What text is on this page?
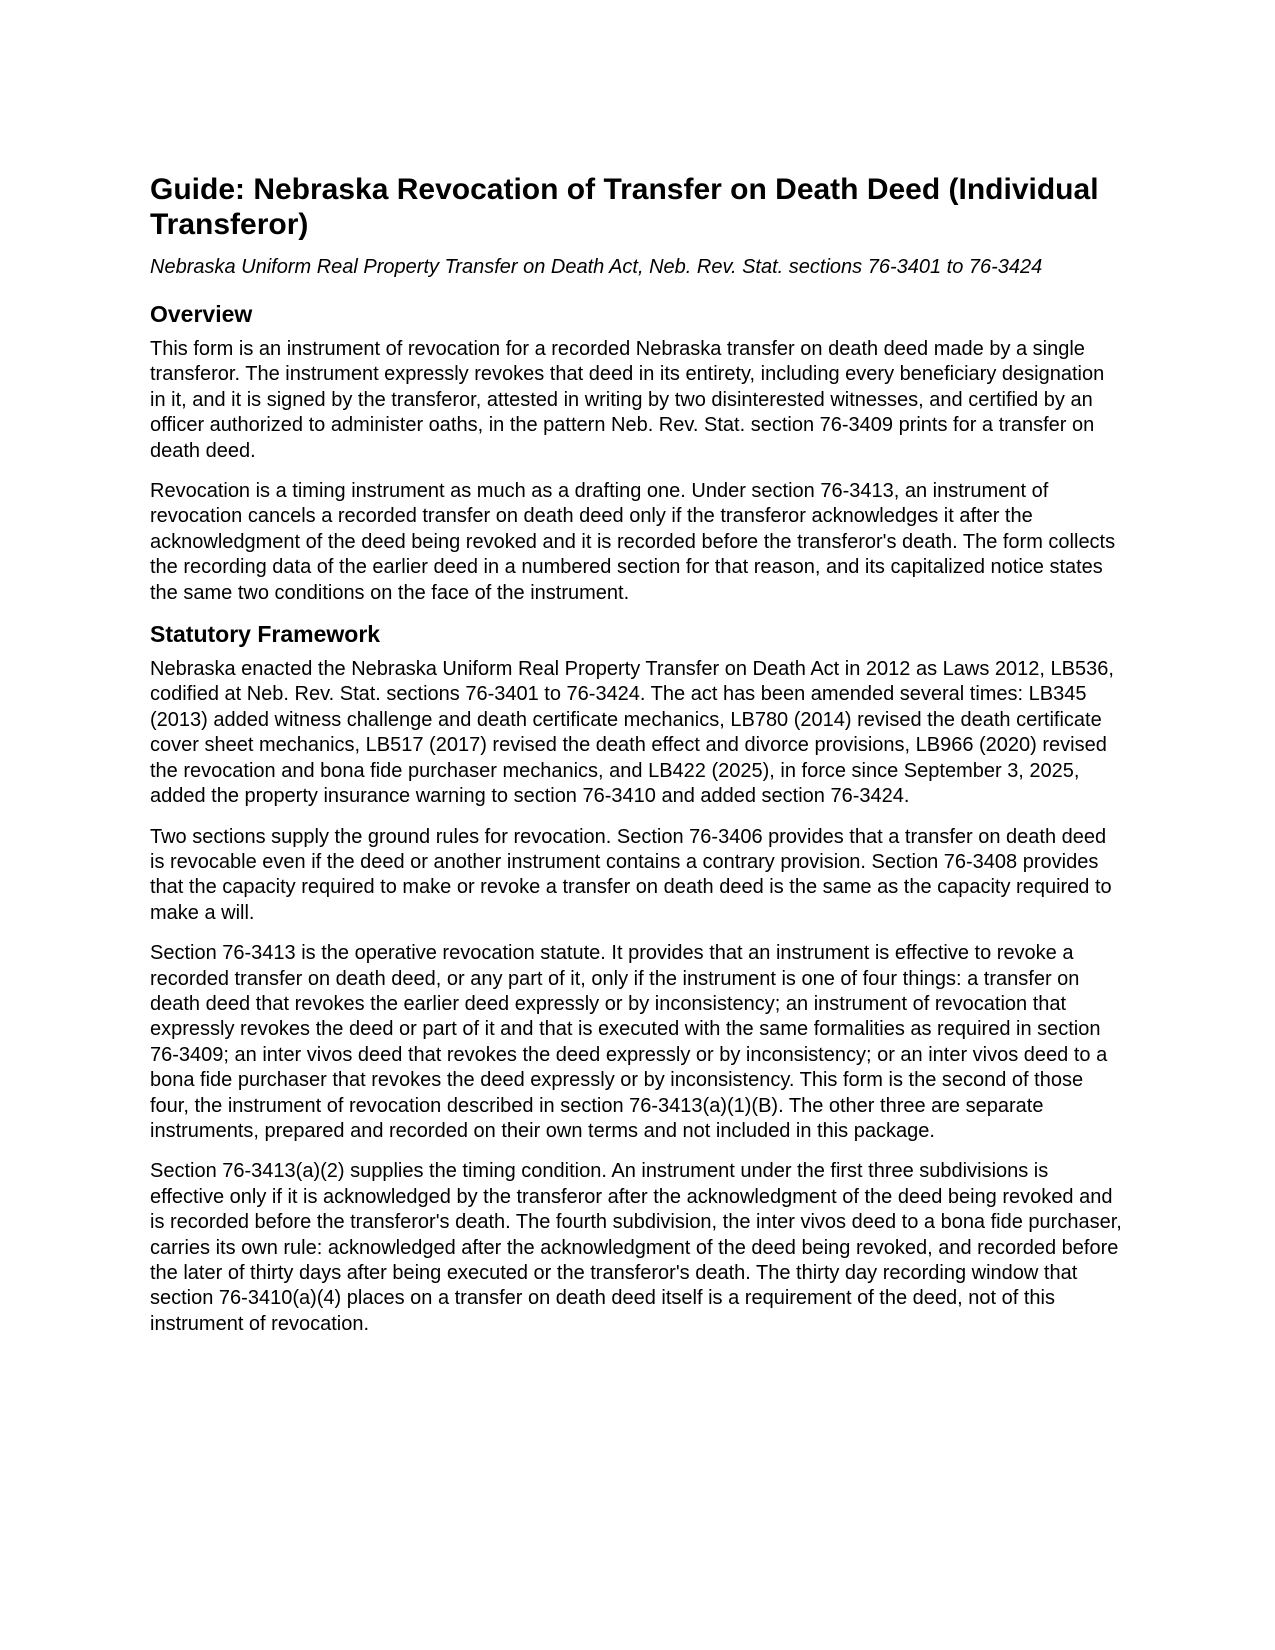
Guide: Nebraska Revocation of Transfer on Death Deed (Individual Transferor)
Nebraska Uniform Real Property Transfer on Death Act, Neb. Rev. Stat. sections 76-3401 to 76-3424
Overview

This form is an instrument of revocation for a recorded Nebraska transfer on death deed made by a single transferor. The instrument expressly revokes that deed in its entirety, including every beneficiary designation in it, and it is signed by the transferor, attested in writing by two disinterested witnesses, and certified by an officer authorized to administer oaths, in the pattern Neb. Rev. Stat. section 76-3409 prints for a transfer on death deed.

Revocation is a timing instrument as much as a drafting one. Under section 76-3413, an instrument of revocation cancels a recorded transfer on death deed only if the transferor acknowledges it after the acknowledgment of the deed being revoked and it is recorded before the transferor's death. The form collects the recording data of the earlier deed in a numbered section for that reason, and its capitalized notice states the same two conditions on the face of the instrument.

Statutory Framework

Nebraska enacted the Nebraska Uniform Real Property Transfer on Death Act in 2012 as Laws 2012, LB536, codified at Neb. Rev. Stat. sections 76-3401 to 76-3424. The act has been amended several times: LB345 (2013) added witness challenge and death certificate mechanics, LB780 (2014) revised the death certificate cover sheet mechanics, LB517 (2017) revised the death effect and divorce provisions, LB966 (2020) revised the revocation and bona fide purchaser mechanics, and LB422 (2025), in force since September 3, 2025, added the property insurance warning to section 76-3410 and added section 76-3424.

Two sections supply the ground rules for revocation. Section 76-3406 provides that a transfer on death deed is revocable even if the deed or another instrument contains a contrary provision. Section 76-3408 provides that the capacity required to make or revoke a transfer on death deed is the same as the capacity required to make a will.

Section 76-3413 is the operative revocation statute. It provides that an instrument is effective to revoke a recorded transfer on death deed, or any part of it, only if the instrument is one of four things: a transfer on death deed that revokes the earlier deed expressly or by inconsistency; an instrument of revocation that expressly revokes the deed or part of it and that is executed with the same formalities as required in section 76-3409; an inter vivos deed that revokes the deed expressly or by inconsistency; or an inter vivos deed to a bona fide purchaser that revokes the deed expressly or by inconsistency. This form is the second of those four, the instrument of revocation described in section 76-3413(a)(1)(B). The other three are separate instruments, prepared and recorded on their own terms and not included in this package.

Section 76-3413(a)(2) supplies the timing condition. An instrument under the first three subdivisions is effective only if it is acknowledged by the transferor after the acknowledgment of the deed being revoked and is recorded before the transferor's death. The fourth subdivision, the inter vivos deed to a bona fide purchaser, carries its own rule: acknowledged after the acknowledgment of the deed being revoked, and recorded before the later of thirty days after being executed or the transferor's death. The thirty day recording window that section 76-3410(a)(4) places on a transfer on death deed itself is a requirement of the deed, not of this instrument of revocation.
